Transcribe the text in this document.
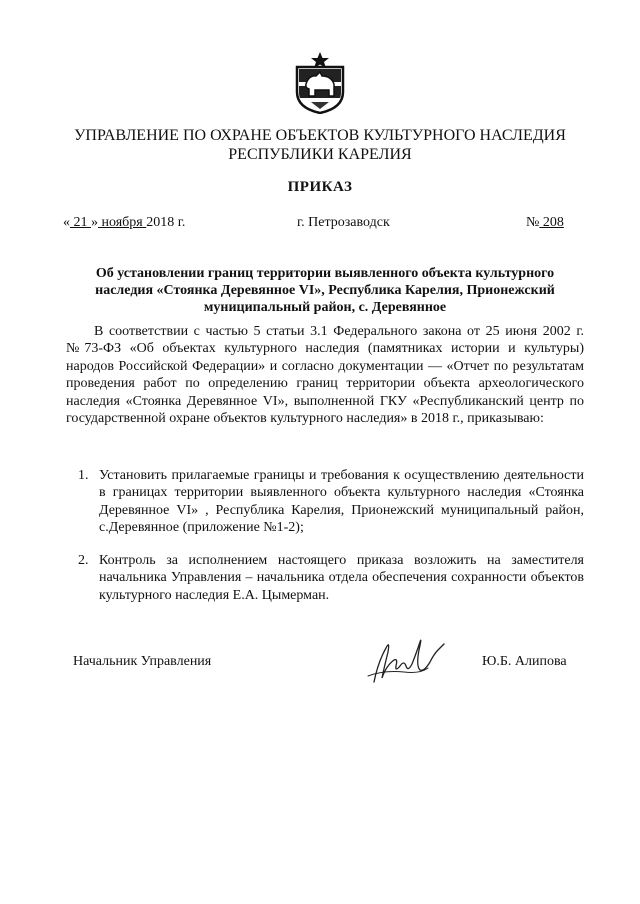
УПРАВЛЕНИЕ ПО ОХРАНЕ ОБЪЕКТОВ КУЛЬТУРНОГО НАСЛЕДИЯ
РЕСПУБЛИКИ КАРЕЛИЯ
ПРИКАЗ
« 21 » ноября 2018 г.	г. Петрозаводск	№ 208
Об установлении границ территории выявленного объекта культурного наследия «Стоянка Деревянное VI», Республика Карелия, Прионежский муниципальный район, с. Деревянное
В соответствии с частью 5 статьи 3.1 Федерального закона от 25 июня 2002 г. №73-ФЗ «Об объектах культурного наследия (памятниках истории и культуры) народов Российской Федерации» и согласно документации — «Отчет по результатам проведения работ по определению границ территории объекта археологического наследия «Стоянка Деревянное VI», выполненной ГКУ «Республиканский центр по государственной охране объектов культурного наследия» в 2018 г., приказываю:
1. Установить прилагаемые границы и требования к осуществлению деятельности в границах территории выявленного объекта культурного наследия «Стоянка Деревянное VI» , Республика Карелия, Прионежский муниципальный район, с.Деревянное (приложение №1-2);
2. Контроль за исполнением настоящего приказа возложить на заместителя начальника Управления – начальника отдела обеспечения сохранности объектов культурного наследия Е.А. Цымерман.
Начальник Управления	Ю.Б. Алипова
